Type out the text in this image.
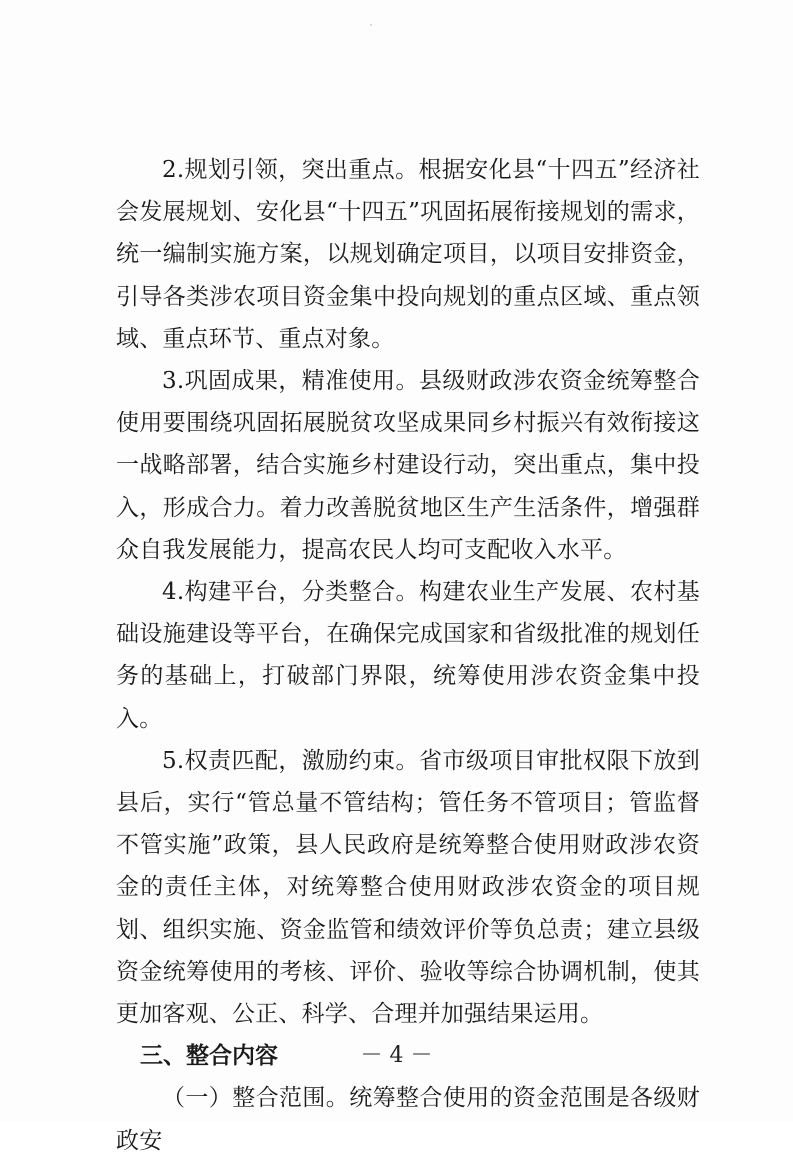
2.规划引领，突出重点。根据安化县“十四五”经济社会发展规划、安化县“十四五”巩固拓展衔接规划的需求，统一编制实施方案，以规划确定项目，以项目安排资金，引导各类涉农项目资金集中投向规划的重点区域、重点领域、重点环节、重点对象。

3.巩固成果，精准使用。县级财政涉农资金统筹整合使用要围绕巩固拓展脱贫攻坚成果同乡村振兴有效衔接这一战略部署，结合实施乡村建设行动，突出重点，集中投入，形成合力。着力改善脱贫地区生产生活条件，增强群众自我发展能力，提高农民人均可支配收入水平。

4.构建平台，分类整合。构建农业生产发展、农村基础设施建设等平台，在确保完成国家和省级批准的规划任务的基础上，打破部门界限，统筹使用涉农资金集中投入。

5.权责匹配，激励约束。省市级项目审批权限下放到县后，实行“管总量不管结构；管任务不管项目；管监督不管实施”政策，县人民政府是统筹整合使用财政涉农资金的责任主体，对统筹整合使用财政涉农资金的项目规划、组织实施、资金监管和绩效评价等负总责；建立县级资金统筹使用的考核、评价、验收等综合协调机制，使其更加客观、公正、科学、合理并加强结果运用。

三、整合内容

（一）整合范围。统筹整合使用的资金范围是各级财政安

－ 4 －
